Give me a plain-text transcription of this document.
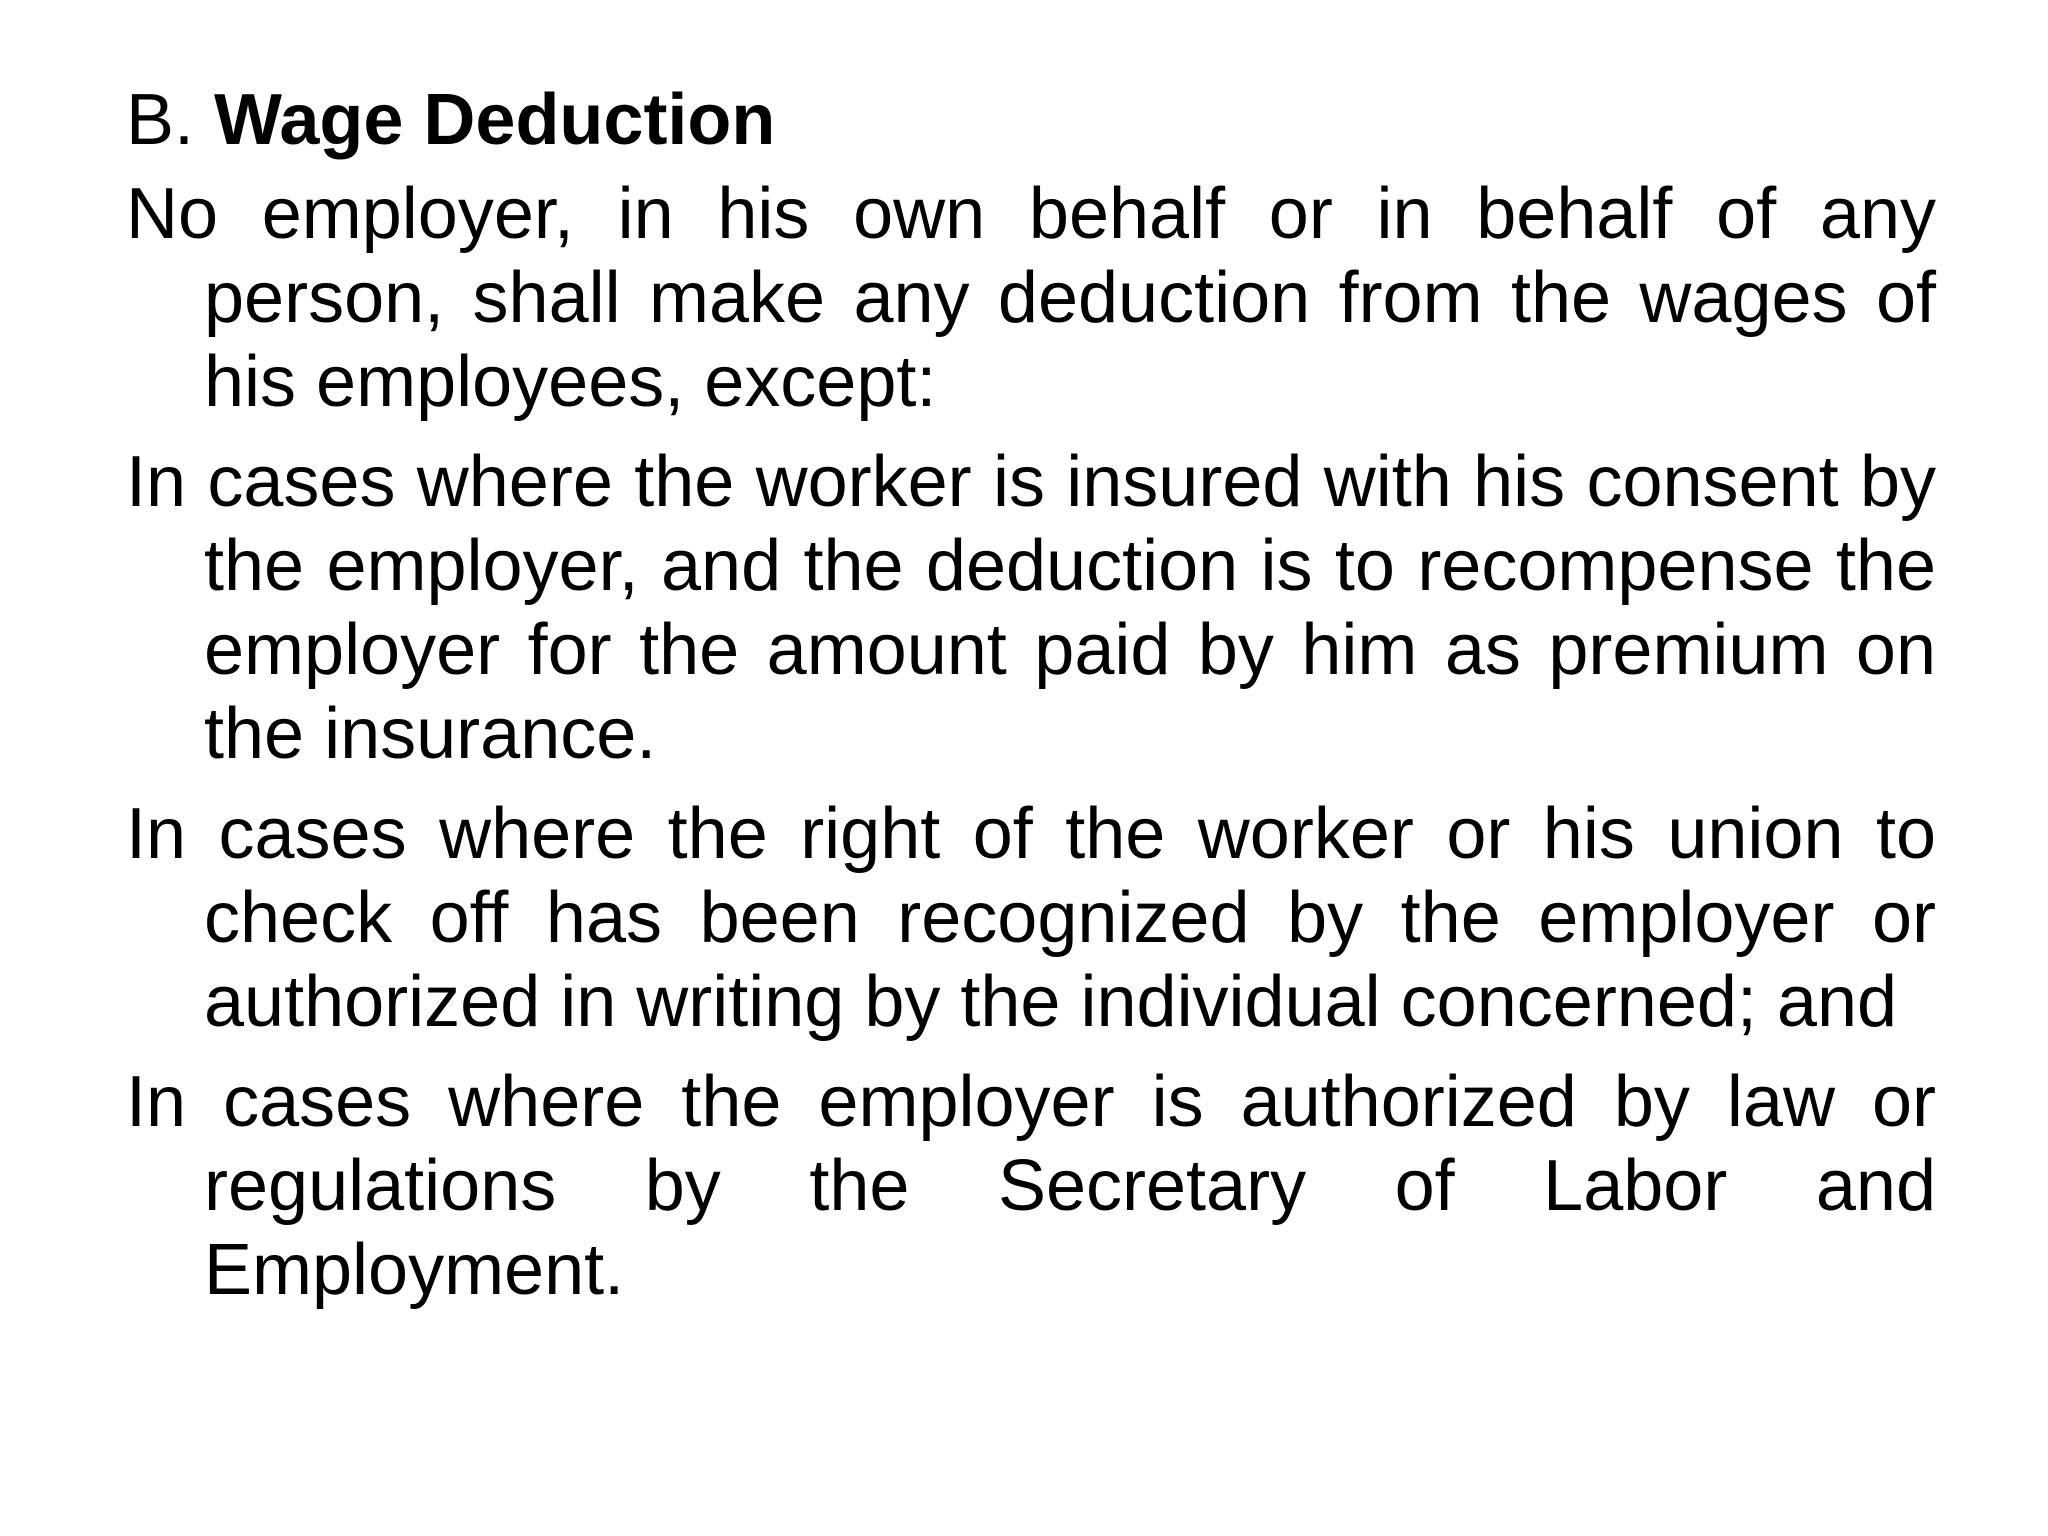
B. Wage Deduction
No employer, in his own behalf or in behalf of any person, shall make any deduction from the wages of his employees, except:
In cases where the worker is insured with his consent by the employer, and the deduction is to recompense the employer for the amount paid by him as premium on the insurance.
In cases where the right of the worker or his union to check off has been recognized by the employer or authorized in writing by the individual concerned; and
In cases where the employer is authorized by law or regulations by the Secretary of Labor and Employment.
